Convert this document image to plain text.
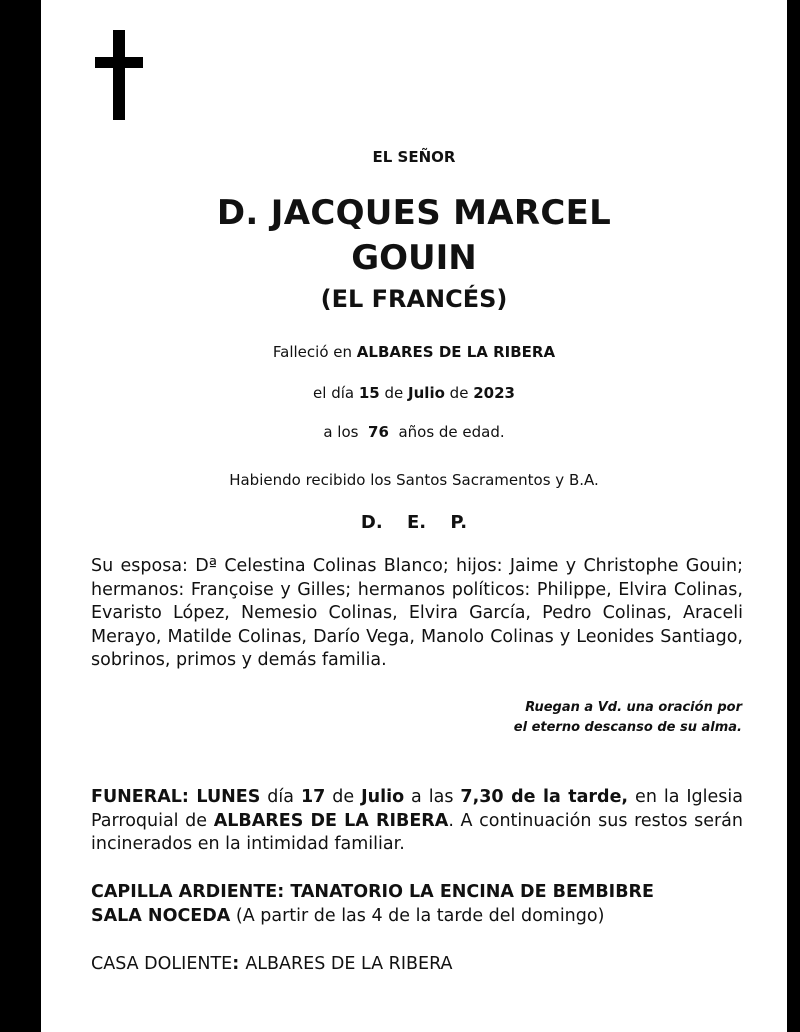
EL SEÑOR
D. JACQUES MARCEL
GOUIN
(EL FRANCÉS)
Falleció en ALBARES DE LA RIBERA
el día 15 de Julio de 2023
a los  76  años de edad.
Habiendo recibido los Santos Sacramentos y B.A.
D. E. P.
Su esposa: Dª Celestina Colinas Blanco; hijos: Jaime y Christophe Gouin; hermanos: Françoise y Gilles; hermanos políticos: Philippe, Elvira Colinas, Evaristo López, Nemesio Colinas, Elvira García, Pedro Colinas, Araceli Merayo, Matilde Colinas, Darío Vega, Manolo Colinas y Leonides Santiago, sobrinos, primos y demás familia.
Ruegan a Vd. una oración por
el eterno descanso de su alma.
FUNERAL: LUNES día 17 de Julio a las 7,30 de la tarde, en la Iglesia Parroquial de ALBARES DE LA RIBERA. A continuación sus restos serán incinerados en la intimidad familiar.
CAPILLA ARDIENTE: TANATORIO LA ENCINA DE BEMBIBRE
SALA NOCEDA (A partir de las 4 de la tarde del domingo)
CASA DOLIENTE: ALBARES DE LA RIBERA
